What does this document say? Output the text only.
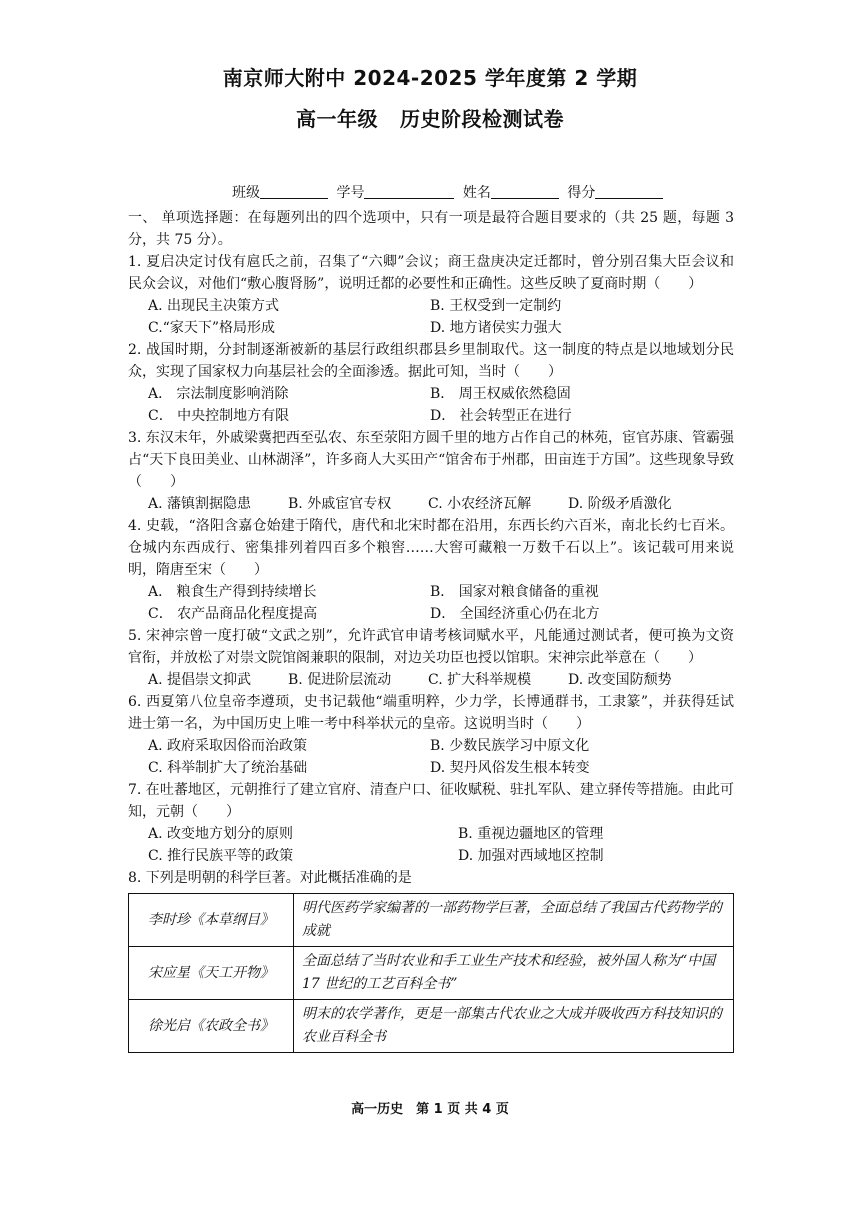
南京师大附中 2024-2025 学年度第 2 学期
高一年级 历史阶段检测试卷
班级	学号	姓名	得分

一、 单项选择题：在每题列出的四个选项中，只有一项是最符合题目要求的（共 25 题，每题 3 分，共 75 分）。

1. 夏启决定讨伐有扈氏之前，召集了“六卿”会议；商王盘庚决定迁都时，曾分别召集大臣会议和民众会议，对他们“敷心腹肾肠”，说明迁都的必要性和正确性。这些反映了夏商时期（　　）

A. 出现民主决策方式	B. 王权受到一定制约
C.“家天下”格局形成	D. 地方诸侯实力强大

2. 战国时期，分封制逐渐被新的基层行政组织郡县乡里制取代。这一制度的特点是以地域划分民众，实现了国家权力向基层社会的全面渗透。据此可知，当时（　　）

A． 宗法制度影响消除	B． 周王权威依然稳固
C． 中央控制地方有限	D． 社会转型正在进行

3. 东汉末年，外戚梁冀把西至弘农、东至荥阳方圆千里的地方占作自己的林苑，宦官苏康、管霸强占“天下良田美业、山林湖泽”，许多商人大买田产“馆舍布于州郡，田亩连于方国”。这些现象导致（　　）

A. 藩镇割据隐患	B. 外戚宦官专权	C. 小农经济瓦解	D. 阶级矛盾激化

4. 史载，“洛阳含嘉仓始建于隋代，唐代和北宋时都在沿用，东西长约六百米，南北长约七百米。仓城内东西成行、密集排列着四百多个粮窖……大窖可藏粮一万数千石以上”。该记载可用来说明，隋唐至宋（　　）

A． 粮食生产得到持续增长	B． 国家对粮食储备的重视
C． 农产品商品化程度提高	D． 全国经济重心仍在北方

5. 宋神宗曾一度打破“文武之别”，允许武官申请考核词赋水平，凡能通过测试者，便可换为文资官衔，并放松了对崇文院馆阁兼职的限制，对边关功臣也授以馆职。宋神宗此举意在（　　）

A. 提倡崇文抑武	B. 促进阶层流动	C. 扩大科举规模	D. 改变国防颓势

6. 西夏第八位皇帝李遵顼，史书记载他“端重明粹，少力学，长博通群书，工隶篆”，并获得廷试进士第一名，为中国历史上唯一考中科举状元的皇帝。这说明当时（　　）

A. 政府采取因俗而治政策	B. 少数民族学习中原文化
C. 科举制扩大了统治基础	D. 契丹风俗发生根本转变

7. 在吐蕃地区，元朝推行了建立官府、清查户口、征收赋税、驻扎军队、建立驿传等措施。由此可知，元朝（　　）

A. 改变地方划分的原则	B. 重视边疆地区的管理
C. 推行民族平等的政策	D. 加强对西域地区控制

8. 下列是明朝的科学巨著。对此概括准确的是

李时珍《本草纲目》	明代医药学家编著的一部药物学巨著，全面总结了我国古代药物学的成就
宋应星《天工开物》	全面总结了当时农业和手工业生产技术和经验，被外国人称为“中国 17 世纪的工艺百科全书”
徐光启《农政全书》	明末的农学著作，更是一部集古代农业之大成并吸收西方科技知识的农业百科全书
高一历史　第 1 页 共 4 页
